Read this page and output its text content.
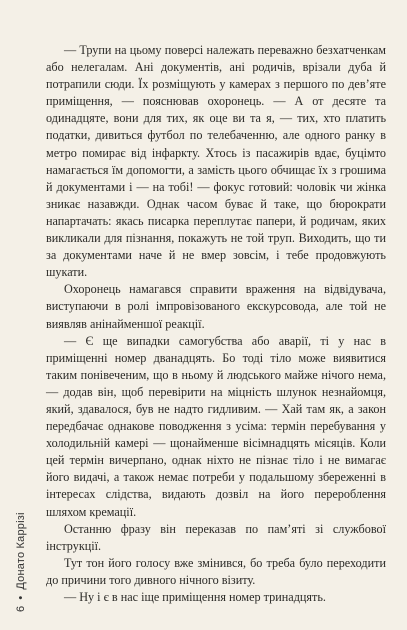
— Трупи на цьому поверсі належать переважно безхатченкам або нелегалам. Ані документів, ані родичів, врізали дуба й потрапили сюди. Їх розміщують у камерах з першого по дев’яте приміщення, — пояснював охоронець. — А от десяте та одинадцяте, вони для тих, як оце ви та я, — тих, хто платить податки, дивиться футбол по телебаченню, але одного ранку в метро помирає від інфаркту. Хтось із пасажирів вдає, буцімто намагається їм допомогти, а замість цього обчищає їх з грошима й документами і — на тобі! — фокус готовий: чоловік чи жінка зникає назавжди. Однак часом буває й таке, що бюрократи напартачать: якась писарка переплутає папери, й родичам, яких викликали для пізнання, покажуть не той труп. Виходить, що ти за документами наче й не вмер зовсім, і тебе продовжують шукати.

Охоронець намагався справити враження на відвідувача, виступаючи в ролі імпровізованого екскурсовода, але той не виявляв анінайменшої реакції.

— Є ще випадки самогубства або аварії, ті у нас в приміщенні номер дванадцять. Бо тоді тіло може виявитися таким понівеченим, що в ньому й людського майже нічого нема, — додав він, щоб перевірити на міцність шлунок незнайомця, який, здавалося, був не надто гидливим. — Хай там як, а закон передбачає однакове поводження з усіма: термін перебування у холодильній камері — щонайменше вісімнадцять місяців. Коли цей термін вичерпано, однак ніхто не пізнає тіло і не вимагає його видачі, а також немає потреби у подальшому збереженні в інтересах слідства, видають дозвіл на його перероблення шляхом кремації.

Останню фразу він переказав по пам’яті зі службової інструкції.

Тут тон його голосу вже змінився, бо треба було переходити до причини того дивного нічного візиту.

— Ну і є в нас іще приміщення номер тринадцять.

6•Донато Каррізі
